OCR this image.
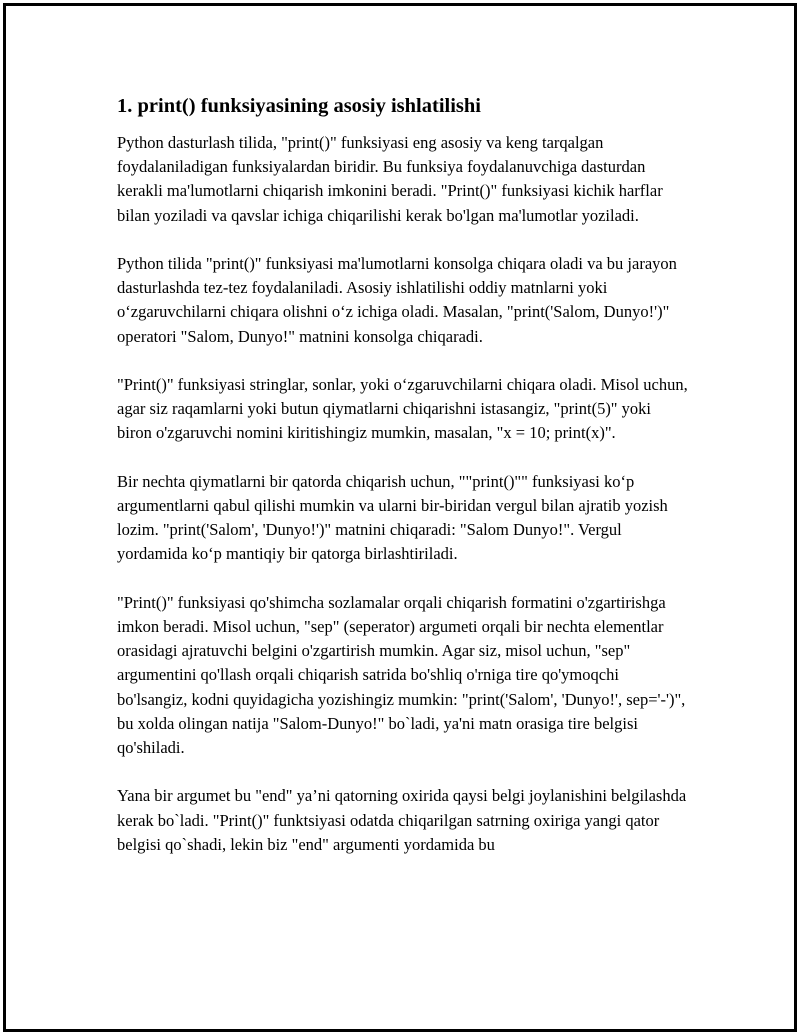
1. print() funksiyasining asosiy ishlatilishi

Python dasturlash tilida, "print()" funksiyasi eng asosiy va keng tarqalgan foydalaniladigan funksiyalardan biridir. Bu funksiya foydalanuvchiga dasturdan kerakli ma'lumotlarni chiqarish imkonini beradi. "Print()" funksiyasi kichik harflar bilan yoziladi va qavslar ichiga chiqarilishi kerak bo'lgan ma'lumotlar yoziladi.

Python tilida "print()" funksiyasi ma'lumotlarni konsolga chiqara oladi va bu jarayon dasturlashda tez-tez foydalaniladi. Asosiy ishlatilishi oddiy matnlarni yoki o‘zgaruvchilarni chiqara olishni o‘z ichiga oladi. Masalan, "print('Salom, Dunyo!')" operatori "Salom, Dunyo!" matnini konsolga chiqaradi.

"Print()" funksiyasi stringlar, sonlar, yoki o‘zgaruvchilarni chiqara oladi. Misol uchun, agar siz raqamlarni yoki butun qiymatlarni chiqarishni istasangiz, "print(5)" yoki biron o'zgaruvchi nomini kiritishingiz mumkin, masalan, "x = 10; print(x)".

Bir nechta qiymatlarni bir qatorda chiqarish uchun, ""print()"" funksiyasi ko‘p argumentlarni qabul qilishi mumkin va ularni bir-biridan vergul bilan ajratib yozish lozim. "print('Salom', 'Dunyo!')" matnini chiqaradi: "Salom Dunyo!". Vergul yordamida ko‘p mantiqiy bir qatorga birlashtiriladi.

"Print()" funksiyasi qo'shimcha sozlamalar orqali chiqarish formatini o'zgartirishga imkon beradi. Misol uchun, "sep" (seperator) argumeti orqali bir nechta elementlar orasidagi ajratuvchi belgini o'zgartirish mumkin. Agar siz, misol uchun, "sep" argumentini qo'llash orqali chiqarish satrida bo'shliq o'rniga tire qo'ymoqchi bo'lsangiz, kodni quyidagicha yozishingiz mumkin: "print('Salom', 'Dunyo!', sep='-')", bu xolda olingan natija "Salom-Dunyo!" bo`ladi, ya'ni matn orasiga tire belgisi qo'shiladi.

Yana bir argumet bu "end" ya’ni qatorning oxirida qaysi belgi joylanishini belgilashda kerak bo`ladi. "Print()" funktsiyasi odatda chiqarilgan satrning oxiriga yangi qator belgisi qo`shadi, lekin biz "end" argumenti yordamida bu
